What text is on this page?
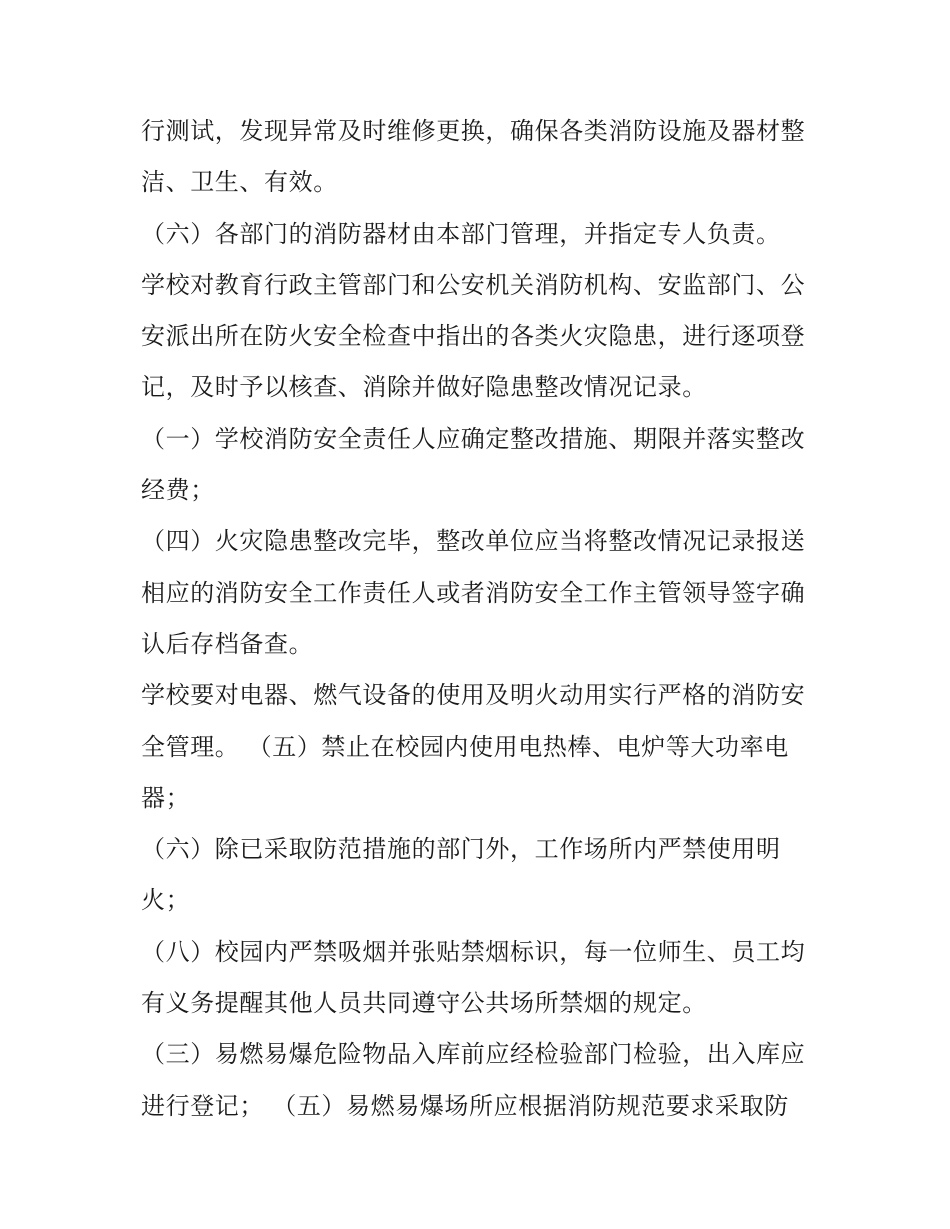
行测试，发现异常及时维修更换，确保各类消防设施及器材整
洁、卫生、有效。
（六）各部门的消防器材由本部门管理，并指定专人负责。
学校对教育行政主管部门和公安机关消防机构、安监部门、公
安派出所在防火安全检查中指出的各类火灾隐患，进行逐项登
记，及时予以核查、消除并做好隐患整改情况记录。
（一）学校消防安全责任人应确定整改措施、期限并落实整改
经费；
（四）火灾隐患整改完毕，整改单位应当将整改情况记录报送
相应的消防安全工作责任人或者消防安全工作主管领导签字确
认后存档备查。
学校要对电器、燃气设备的使用及明火动用实行严格的消防安
全管理。 （五）禁止在校园内使用电热棒、电炉等大功率电
器；
（六）除已采取防范措施的部门外，工作场所内严禁使用明
火；
（八）校园内严禁吸烟并张贴禁烟标识，每一位师生、员工均
有义务提醒其他人员共同遵守公共场所禁烟的规定。
（三）易燃易爆危险物品入库前应经检验部门检验，出入库应
进行登记； （五）易燃易爆场所应根据消防规范要求采取防
